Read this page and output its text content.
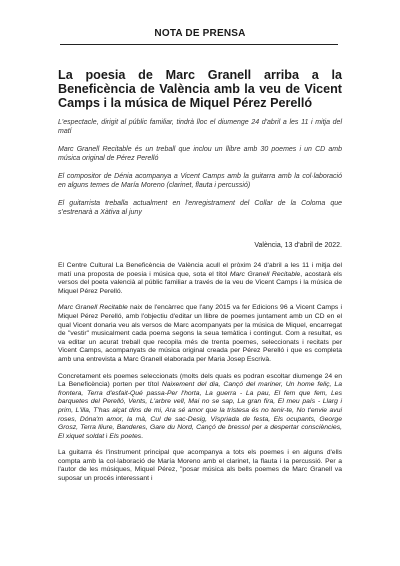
NOTA DE PRENSA
La poesia de Marc Granell arriba a la Beneficència de València amb la veu de Vicent Camps i la música de Miquel Pérez Perelló

L'espectacle, dirigit al públic familiar, tindrà lloc el diumenge 24 d'abril a les 11 i mitja del matí

Marc Granell Recitable és un treball que inclou un llibre amb 30 poemes i un CD amb música original de Pérez Perelló

El compositor de Dénia acompanya a Vicent Camps amb la guitarra amb la col·laboració en alguns temes de María Moreno (clarinet, flauta i percussió)

El guitarrista treballa actualment en l'enregistrament del Collar de la Coloma que s'estrenarà a Xàtiva al juny

València, 13 d'abril de 2022.

El Centre Cultural La Beneficència de València acull el pròxim 24 d'abril a les 11 i mitja del matí una proposta de poesia i música que, sota el títol Marc Granell Recitable, acostarà els versos del poeta valencià al públic familiar a través de la veu de Vicent Camps i la música de Miquel Pérez Perelló.

Marc Granell Recitable naix de l'encàrrec que l'any 2015 va fer Edicions 96 a Vicent Camps i Miquel Pérez Perelló, amb l'objectiu d'editar un llibre de poemes juntament amb un CD en el qual Vicent donaria veu als versos de Marc acompanyats per la música de Miquel, encarregat de "vestir" musicalment cada poema segons la seua temàtica i contingut. Com a resultat, es va editar un acurat treball que recopila més de trenta poemes, seleccionats i recitats per Vicent Camps, acompanyats de música original creada per Pérez Perelló i que es completa amb una entrevista a Marc Granell elaborada per Maria Josep Escrivà.

Concretament els poemes seleccionats (molts dels quals es podran escoltar diumenge 24 en La Beneficència) porten per títol Naixement del dia, Cançó del mariner, Un home feliç, La frontera, Terra d'esfait-Qué passa-Per l'horta, La guerra - La pau, El fem que fem, Les barquetes del Perelló, Vents, L'arbre vell, Mai no se sap, La gran fira, El meu país - Llarg i prim, L'illa, T'has alçat dins de mi, Ara sé amor que la tristesa és no tenir-te, No t'envie avui roses, Dóna'm amor, la mà, Cul de sac-Desig, Víspriada de festa, Els ocupants, George Grosz, Terra lliure, Banderes, Gare du Nord, Cançó de bressol per a despertar consciències, El xiquet soldat i Els poetes.

La guitarra és l'instrument principal que acompanya a tots els poemes i en alguns d'ells compta amb la col·laboració de María Moreno amb el clarinet, la flauta i la percussió. Per a l'autor de les músiques, Miquel Pérez, "posar música als bells poemes de Marc Granell va suposar un procés interessant i
